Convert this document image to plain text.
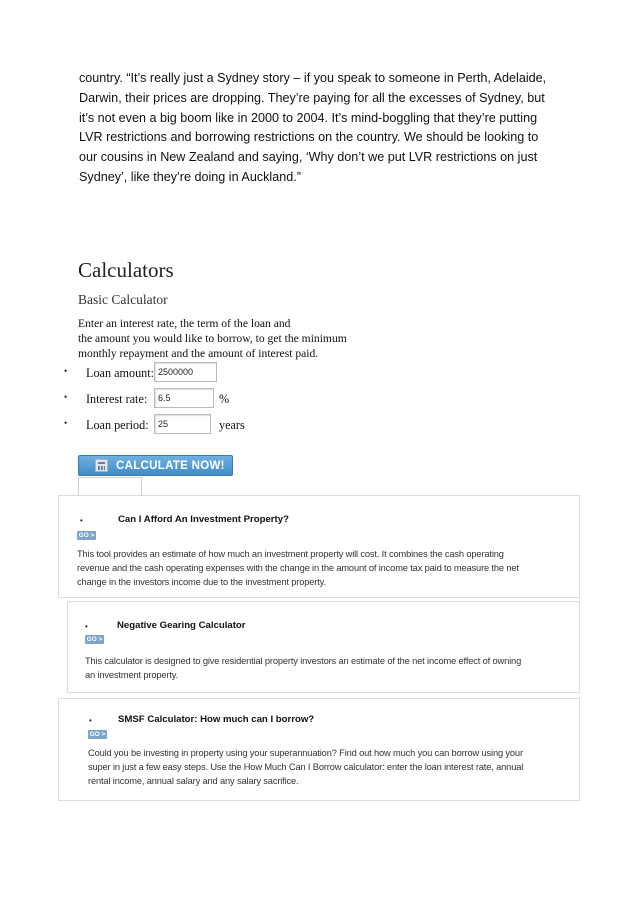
country. “It’s really just a Sydney story – if you speak to someone in Perth, Adelaide,

Darwin, their prices are dropping. They’re paying for all the excesses of Sydney, but

it’s not even a big boom like in 2000 to 2004. It’s mind-boggling that they’re putting

LVR restrictions and borrowing restrictions on the country. We should be looking to

our cousins in New Zealand and saying, ‘Why don’t we put LVR restrictions on just

Sydney’, like they’re doing in Auckland.”

Calculators
Basic Calculator
Enter an interest rate, the term of the loan and
the amount you would like to borrow, to get the minimum
monthly repayment and the amount of interest paid.
• Loan amount:
2500000
• Interest rate:
6.5	%
• Loan period:
25	years
CALCULATE NOW!
•	Can I Afford An Investment Property?
GO >
This tool provides an estimate of how much an investment property will cost. It combines the cash operating
revenue and the cash operating expenses with the change in the amount of income tax paid to measure the net
change in the investors income due to the investment property.
•	Negative Gearing Calculator
GO >
This calculator is designed to give residential property investors an estimate of the net income effect of owning
an investment property.
•	SMSF Calculator: How much can I borrow?
GO >
Could you be investing in property using your superannuation? Find out how much you can borrow using your
super in just a few easy steps. Use the How Much Can I Borrow calculator: enter the loan interest rate, annual
rental income, annual salary and any salary sacrifice.
